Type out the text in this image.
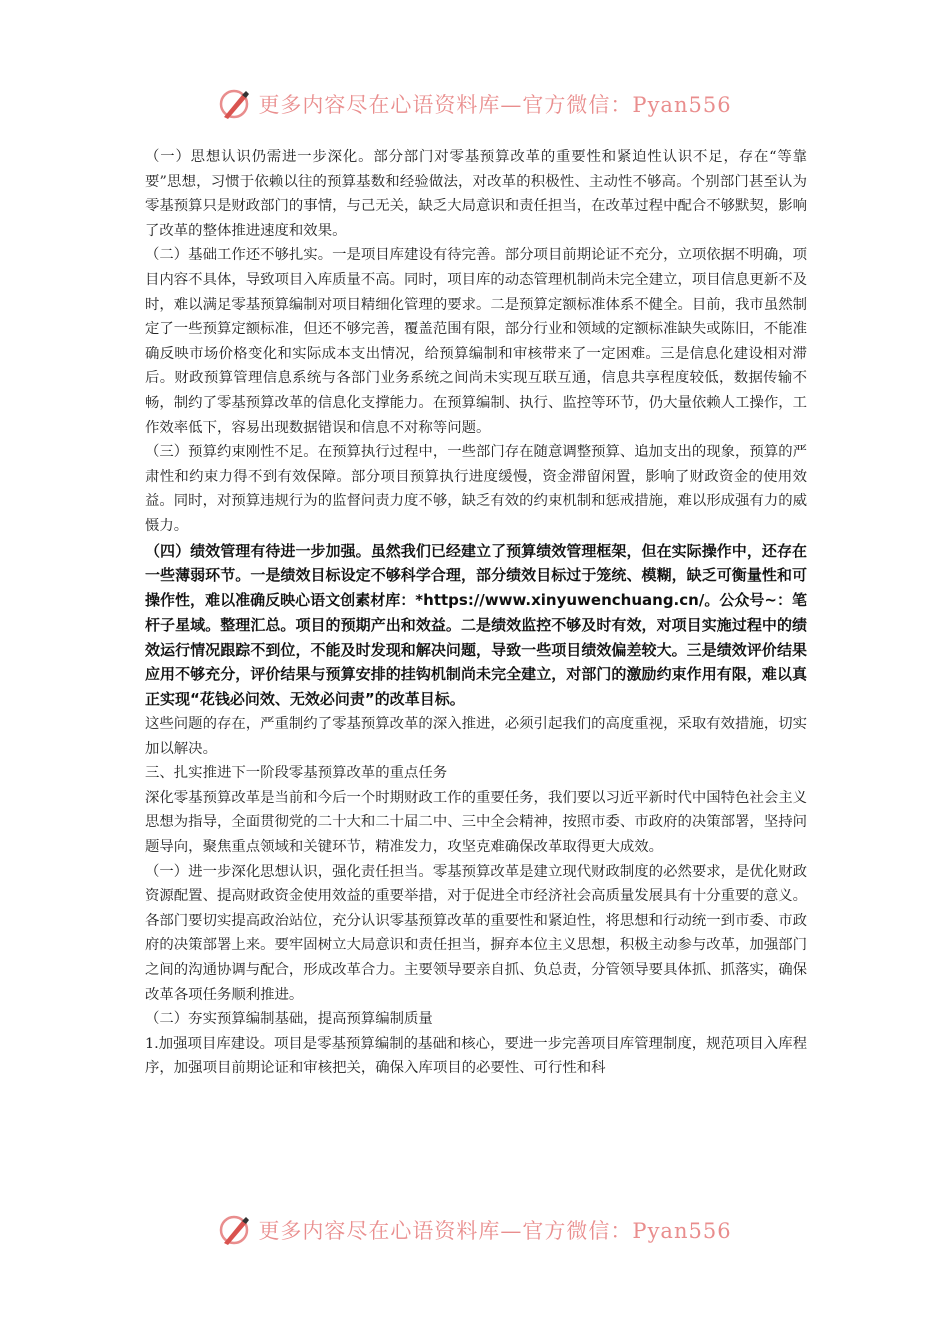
更多内容尽在心语资料库—官方微信：Pyan556

（一）思想认识仍需进一步深化。部分部门对零基预算改革的重要性和紧迫性认识不足，存在“等靠要”思想，习惯于依赖以往的预算基数和经验做法，对改革的积极性、主动性不够高。个别部门甚至认为零基预算只是财政部门的事情，与己无关，缺乏大局意识和责任担当，在改革过程中配合不够默契，影响了改革的整体推进速度和效果。

（二）基础工作还不够扎实。一是项目库建设有待完善。部分项目前期论证不充分，立项依据不明确，项目内容不具体，导致项目入库质量不高。同时，项目库的动态管理机制尚未完全建立，项目信息更新不及时，难以满足零基预算编制对项目精细化管理的要求。二是预算定额标准体系不健全。目前，我市虽然制定了一些预算定额标准，但还不够完善，覆盖范围有限，部分行业和领域的定额标准缺失或陈旧，不能准确反映市场价格变化和实际成本支出情况，给预算编制和审核带来了一定困难。三是信息化建设相对滞后。财政预算管理信息系统与各部门业务系统之间尚未实现互联互通，信息共享程度较低，数据传输不畅，制约了零基预算改革的信息化支撑能力。在预算编制、执行、监控等环节，仍大量依赖人工操作，工作效率低下，容易出现数据错误和信息不对称等问题。

（三）预算约束刚性不足。在预算执行过程中，一些部门存在随意调整预算、追加支出的现象，预算的严肃性和约束力得不到有效保障。部分项目预算执行进度缓慢，资金滞留闲置，影响了财政资金的使用效益。同时，对预算违规行为的监督问责力度不够，缺乏有效的约束机制和惩戒措施，难以形成强有力的威慑力。

（四）绩效管理有待进一步加强。虽然我们已经建立了预算绩效管理框架，但在实际操作中，还存在一些薄弱环节。一是绩效目标设定不够科学合理，部分绩效目标过于笼统、模糊，缺乏可衡量性和可操作性，难以准确反映心语文创素材库：*https://www.xinyuwenchuang.cn/。公众号~：笔杆子星域。整理汇总。项目的预期产出和效益。二是绩效监控不够及时有效，对项目实施过程中的绩效运行情况跟踪不到位，不能及时发现和解决问题，导致一些项目绩效偏差较大。三是绩效评价结果应用不够充分，评价结果与预算安排的挂钩机制尚未完全建立，对部门的激励约束作用有限，难以真正实现“花钱必问效、无效必问责”的改革目标。

这些问题的存在，严重制约了零基预算改革的深入推进，必须引起我们的高度重视，采取有效措施，切实加以解决。

三、扎实推进下一阶段零基预算改革的重点任务

深化零基预算改革是当前和今后一个时期财政工作的重要任务，我们要以习近平新时代中国特色社会主义思想为指导，全面贯彻党的二十大和二十届二中、三中全会精神，按照市委、市政府的决策部署，坚持问题导向，聚焦重点领域和关键环节，精准发力，攻坚克难确保改革取得更大成效。

（一）进一步深化思想认识，强化责任担当。零基预算改革是建立现代财政制度的必然要求，是优化财政资源配置、提高财政资金使用效益的重要举措，对于促进全市经济社会高质量发展具有十分重要的意义。各部门要切实提高政治站位，充分认识零基预算改革的重要性和紧迫性，将思想和行动统一到市委、市政府的决策部署上来。要牢固树立大局意识和责任担当，摒弃本位主义思想，积极主动参与改革，加强部门之间的沟通协调与配合，形成改革合力。主要领导要亲自抓、负总责，分管领导要具体抓、抓落实，确保改革各项任务顺利推进。

（二）夯实预算编制基础，提高预算编制质量

1.加强项目库建设。项目是零基预算编制的基础和核心，要进一步完善项目库管理制度，规范项目入库程序，加强项目前期论证和审核把关，确保入库项目的必要性、可行性和科

更多内容尽在心语资料库—官方微信：Pyan556
